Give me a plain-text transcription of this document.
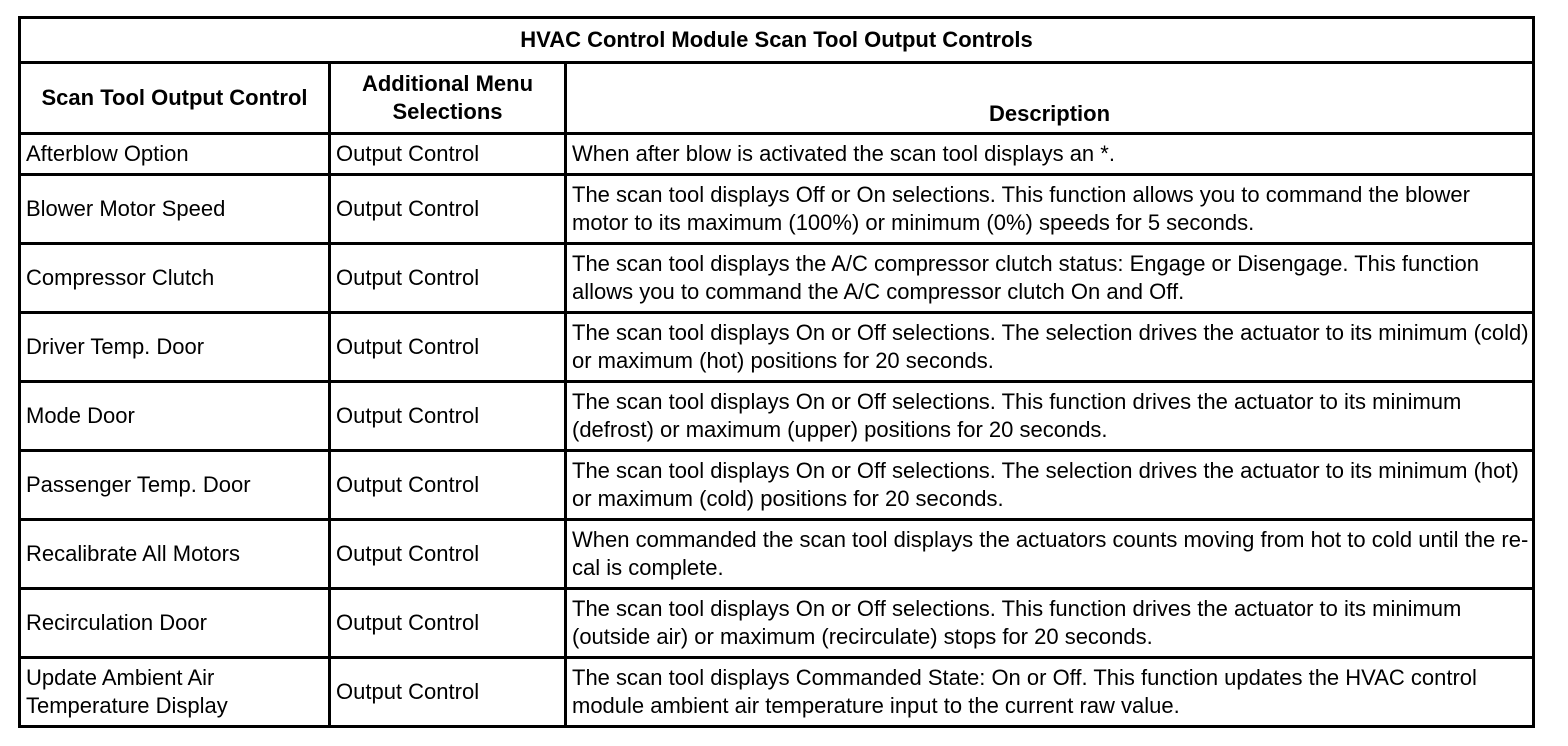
HVAC Control Module Scan Tool Output Controls		
Scan Tool Output Control	Additional Menu Selections	Description
Afterblow Option	Output Control	When after blow is activated the scan tool displays an *.
Blower Motor Speed	Output Control	The scan tool displays Off or On selections. This function allows you to command the blower motor to its maximum (100%) or minimum (0%) speeds for 5 seconds.
Compressor Clutch	Output Control	The scan tool displays the A/C compressor clutch status: Engage or Disengage. This function allows you to command the A/C compressor clutch On and Off.
Driver Temp. Door	Output Control	The scan tool displays On or Off selections. The selection drives the actuator to its minimum (cold) or maximum (hot) positions for 20 seconds.
Mode Door	Output Control	The scan tool displays On or Off selections. This function drives the actuator to its minimum (defrost) or maximum (upper) positions for 20 seconds.
Passenger Temp. Door	Output Control	The scan tool displays On or Off selections. The selection drives the actuator to its minimum (hot) or maximum (cold) positions for 20 seconds.
Recalibrate All Motors	Output Control	When commanded the scan tool displays the actuators counts moving from hot to cold until the re-cal is complete.
Recirculation Door	Output Control	The scan tool displays On or Off selections. This function drives the actuator to its minimum (outside air) or maximum (recirculate) stops for 20 seconds.
Update Ambient Air Temperature Display	Output Control	The scan tool displays Commanded State: On or Off. This function updates the HVAC control module ambient air temperature input to the current raw value.
